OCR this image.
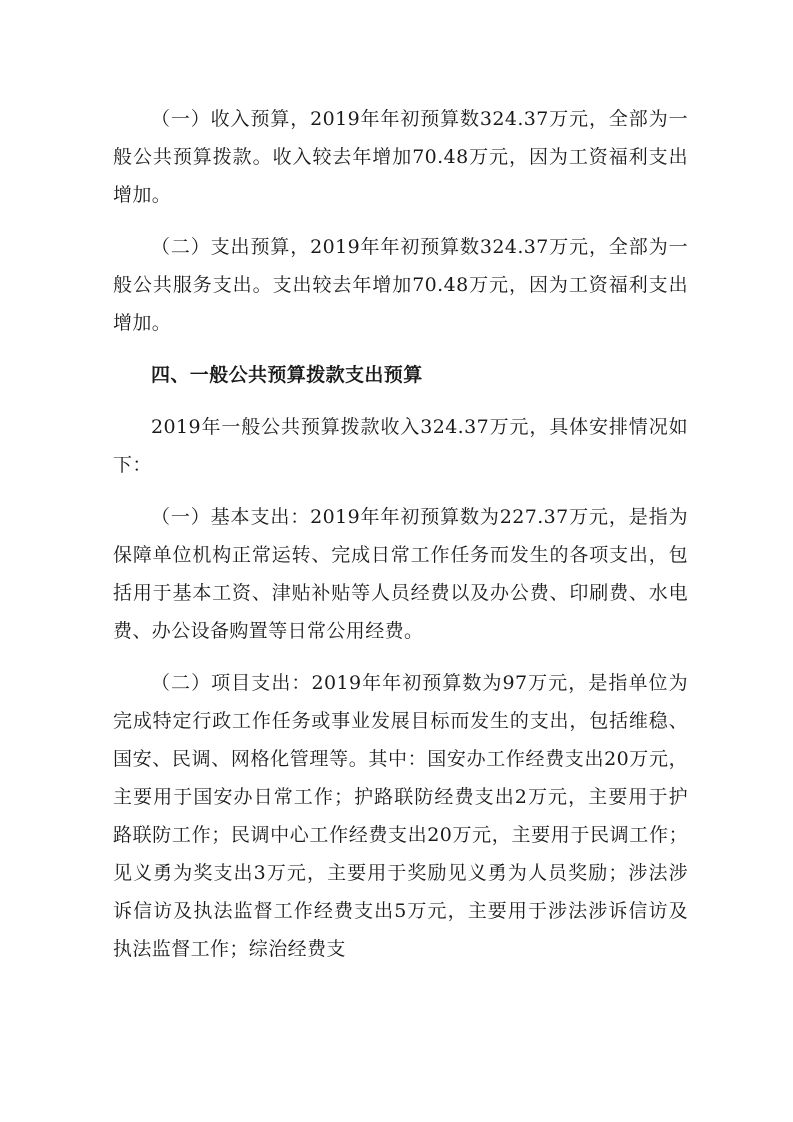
（一）收入预算，2019年年初预算数324.37万元，全部为一般公共预算拨款。收入较去年增加70.48万元，因为工资福利支出增加。

（二）支出预算，2019年年初预算数324.37万元，全部为一般公共服务支出。支出较去年增加70.48万元，因为工资福利支出增加。

四、一般公共预算拨款支出预算

2019年一般公共预算拨款收入324.37万元，具体安排情况如下：

（一）基本支出：2019年年初预算数为227.37万元，是指为保障单位机构正常运转、完成日常工作任务而发生的各项支出，包括用于基本工资、津贴补贴等人员经费以及办公费、印刷费、水电费、办公设备购置等日常公用经费。

（二）项目支出：2019年年初预算数为97万元，是指单位为完成特定行政工作任务或事业发展目标而发生的支出，包括维稳、国安、民调、网格化管理等。其中：国安办工作经费支出20万元，主要用于国安办日常工作；护路联防经费支出2万元，主要用于护路联防工作；民调中心工作经费支出20万元，主要用于民调工作；见义勇为奖支出3万元，主要用于奖励见义勇为人员奖励；涉法涉诉信访及执法监督工作经费支出5万元，主要用于涉法涉诉信访及执法监督工作；综治经费支
